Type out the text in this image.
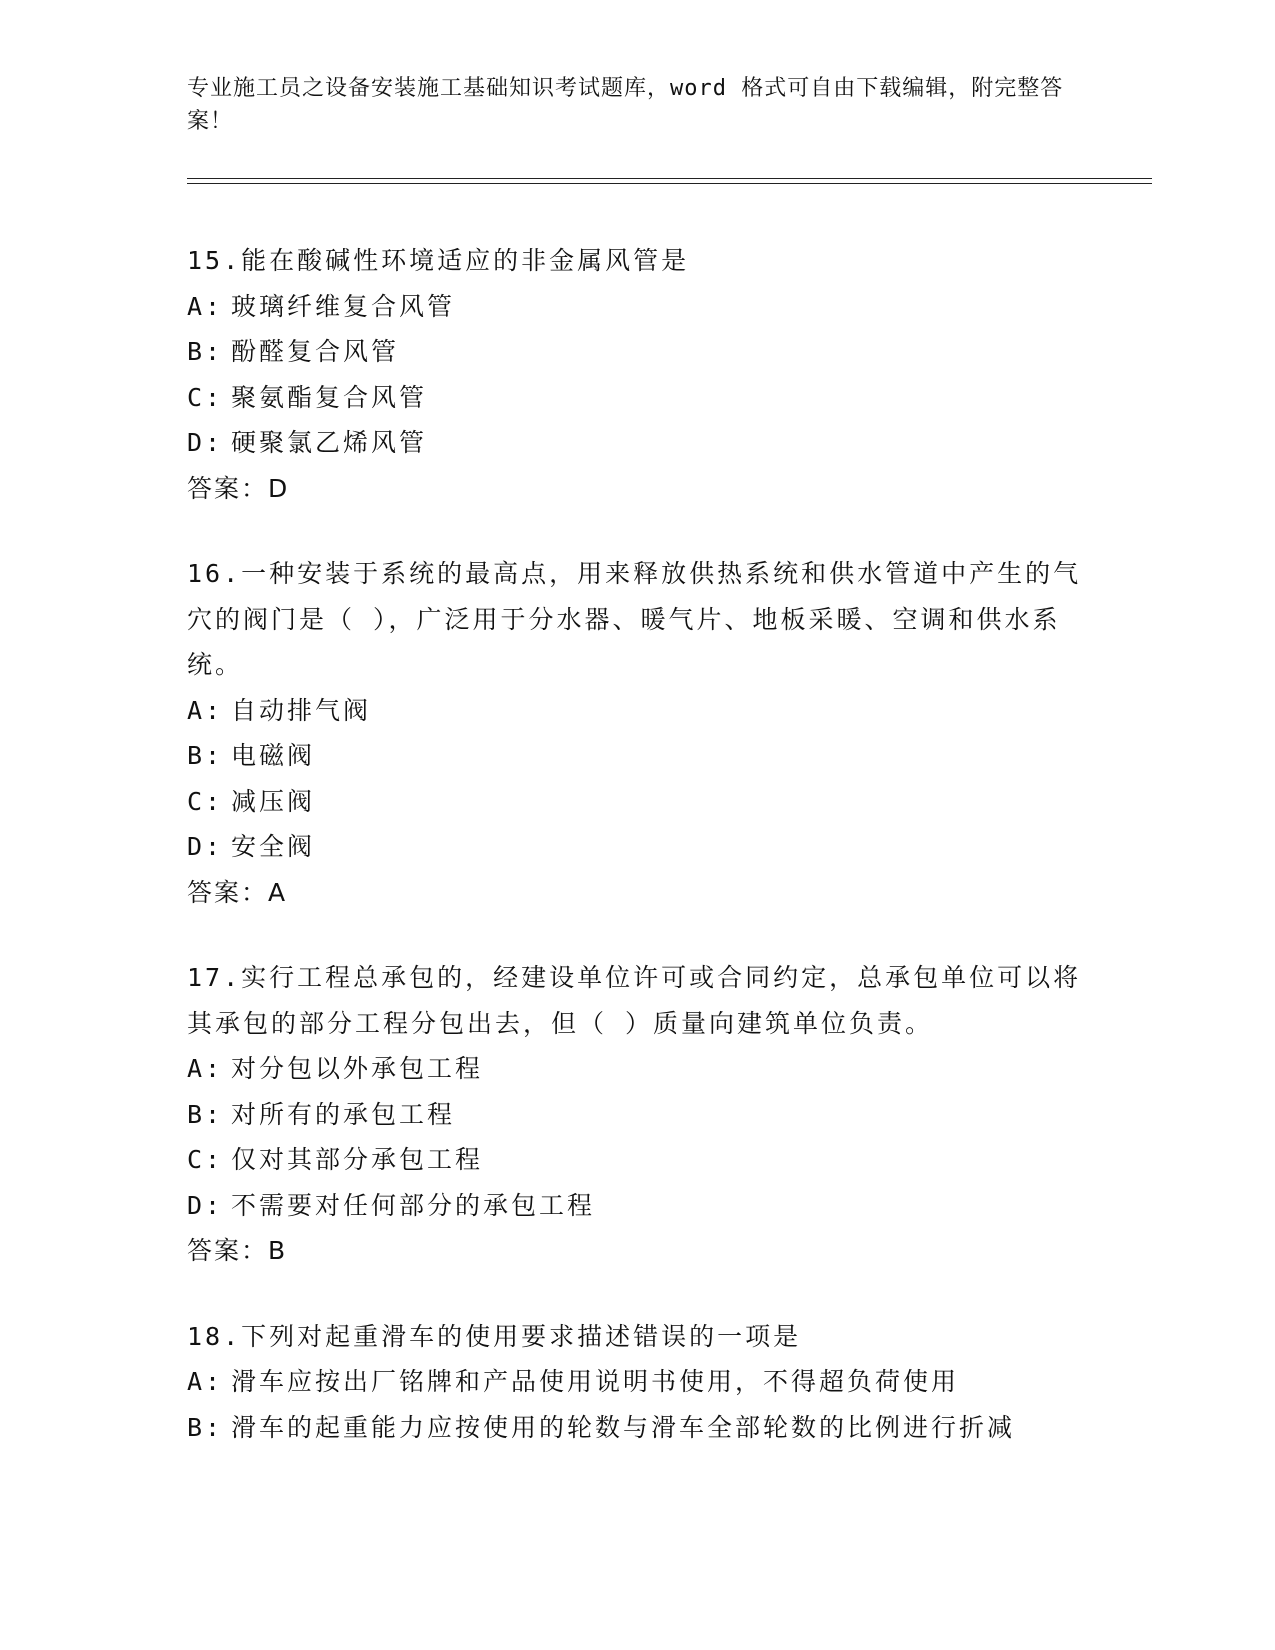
专业施工员之设备安装施工基础知识考试题库，word 格式可自由下载编辑，附完整答案！

15.能在酸碱性环境适应的非金属风管是

A: 玻璃纤维复合风管

B: 酚醛复合风管

C: 聚氨酯复合风管

D: 硬聚氯乙烯风管

答案：D

16.一种安装于系统的最高点，用来释放供热系统和供水管道中产生的气穴的阀门是（ ），广泛用于分水器、暖气片、地板采暖、空调和供水系统。

A: 自动排气阀

B: 电磁阀

C: 减压阀

D: 安全阀

答案：A

17.实行工程总承包的，经建设单位许可或合同约定，总承包单位可以将其承包的部分工程分包出去，但（ ）质量向建筑单位负责。

A: 对分包以外承包工程

B: 对所有的承包工程

C: 仅对其部分承包工程

D: 不需要对任何部分的承包工程

答案：B

18.下列对起重滑车的使用要求描述错误的一项是

A: 滑车应按出厂铭牌和产品使用说明书使用，不得超负荷使用

B: 滑车的起重能力应按使用的轮数与滑车全部轮数的比例进行折减
